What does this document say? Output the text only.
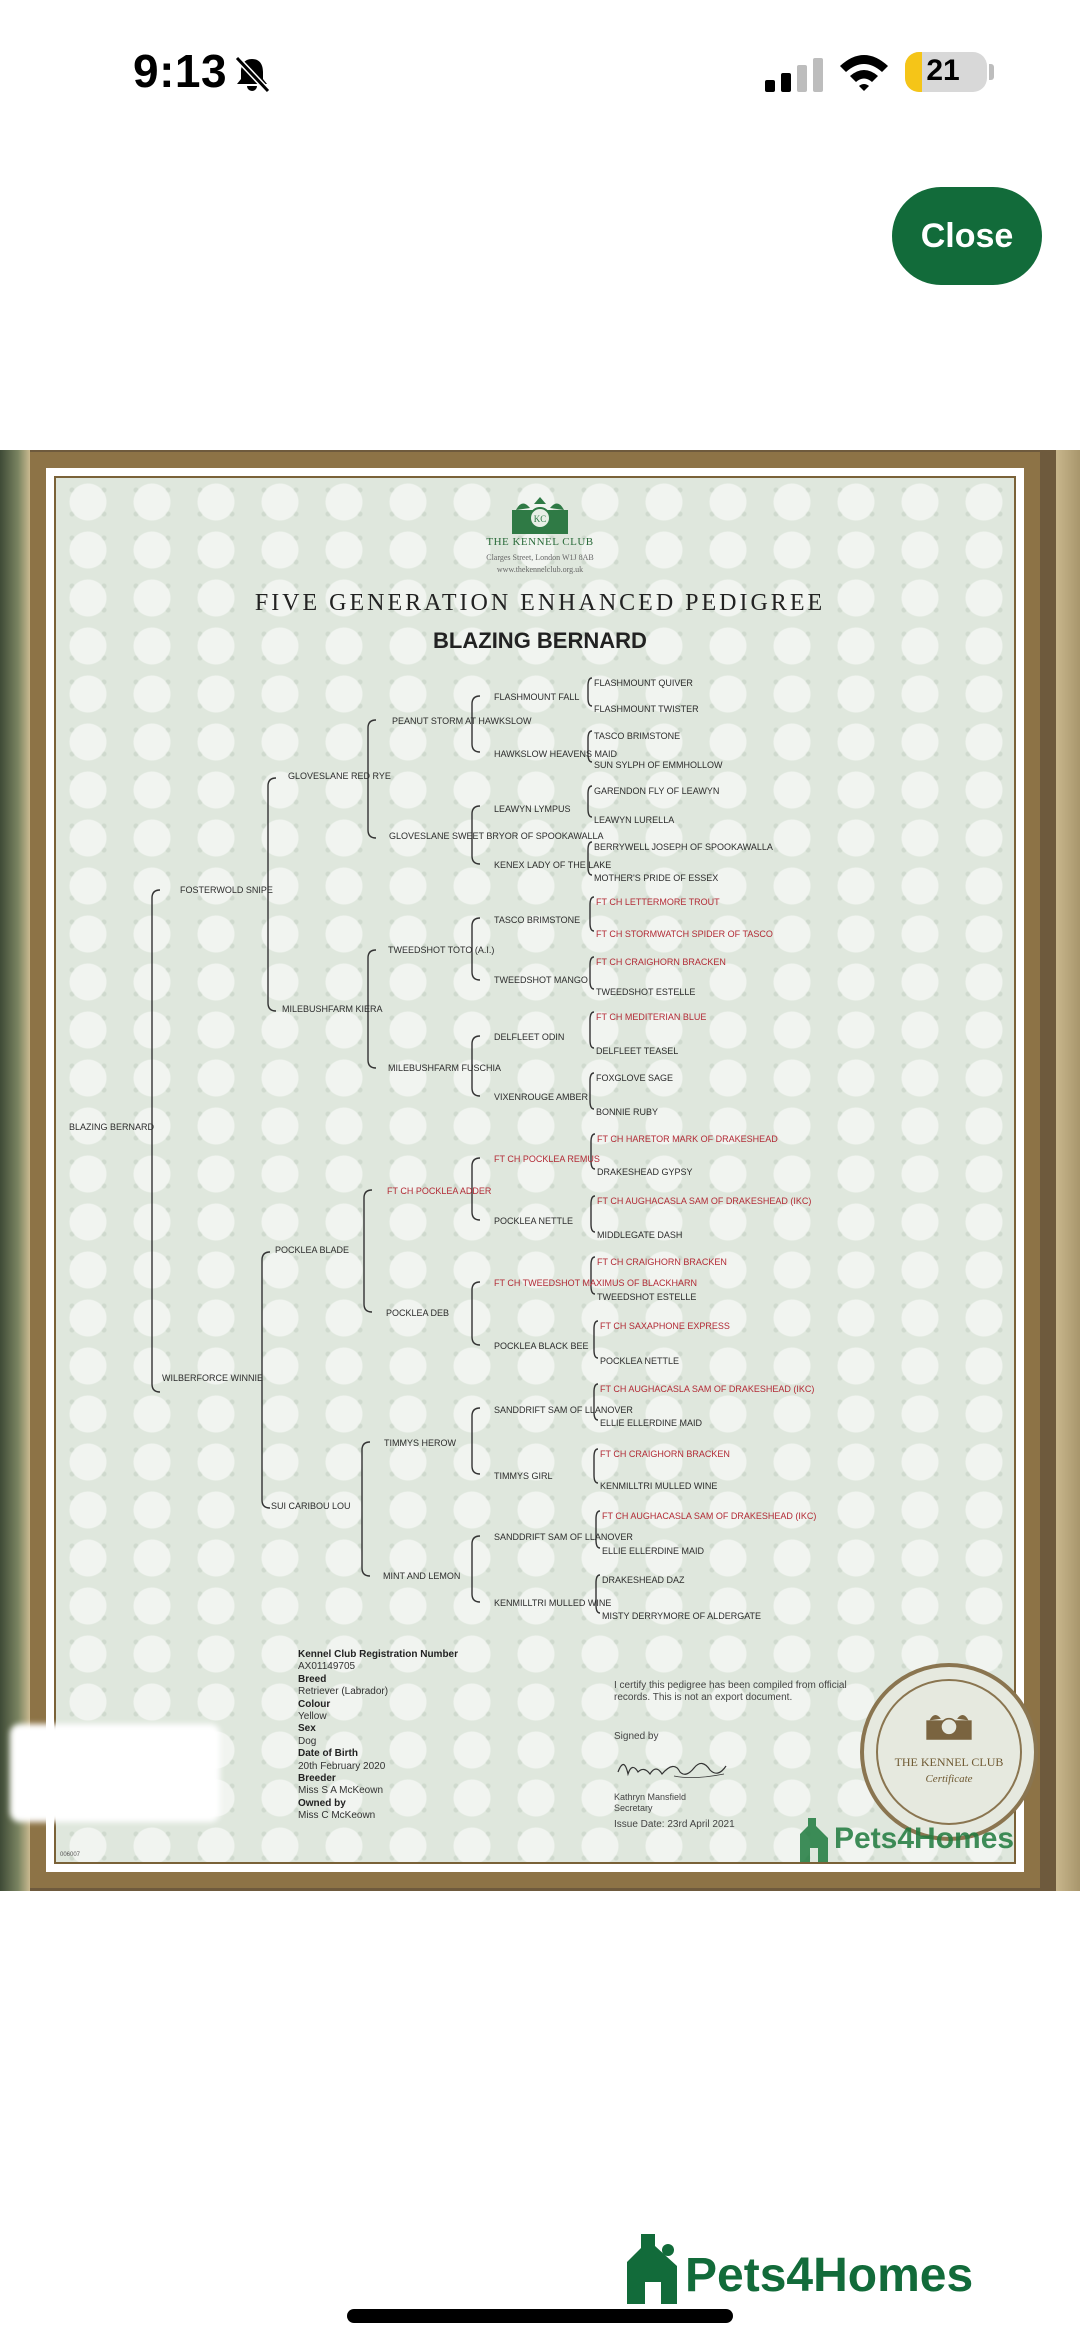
9:13	21
Close
KC
THE KENNEL CLUB
Clarges Street, London W1J 8AB
www.thekennelclub.org.uk
FIVE GENERATION ENHANCED PEDIGREE
BLAZING BERNARD
BLAZING BERNARD
FOSTERWOLD SNIPE
WILBERFORCE WINNIE
GLOVESLANE RED RYE
MILEBUSHFARM KIERA
POCKLEA BLADE
SUI CARIBOU LOU
PEANUT STORM AT HAWKSLOW
GLOVESLANE SWEET BRYOR OF SPOOKAWALLA
TWEEDSHOT TOTO (A.I.)
MILEBUSHFARM FUSCHIA
FT CH POCKLEA ADDER
POCKLEA DEB
TIMMYS HEROW
MINT AND LEMON
FLASHMOUNT FALL
HAWKSLOW HEAVENS MAID
LEAWYN LYMPUS
KENEX LADY OF THE LAKE
TASCO BRIMSTONE
TWEEDSHOT MANGO
DELFLEET ODIN
VIXENROUGE AMBER
FT CH POCKLEA REMUS
POCKLEA NETTLE
FT CH TWEEDSHOT MAXIMUS OF BLACKHARN
POCKLEA BLACK BEE
SANDDRIFT SAM OF LLANOVER
TIMMYS GIRL
SANDDRIFT SAM OF LLANOVER
KENMILLTRI MULLED WINE
FLASHMOUNT QUIVER
FLASHMOUNT TWISTER
TASCO BRIMSTONE
SUN SYLPH OF EMMHOLLOW
GARENDON FLY OF LEAWYN
LEAWYN LURELLA
BERRYWELL JOSEPH OF SPOOKAWALLA
MOTHER'S PRIDE OF ESSEX
FT CH LETTERMORE TROUT
FT CH STORMWATCH SPIDER OF TASCO
FT CH CRAIGHORN BRACKEN
TWEEDSHOT ESTELLE
FT CH MEDITERIAN BLUE
DELFLEET TEASEL
FOXGLOVE SAGE
BONNIE RUBY
FT CH HARETOR MARK OF DRAKESHEAD
DRAKESHEAD GYPSY
FT CH AUGHACASLA SAM OF DRAKESHEAD (IKC)
MIDDLEGATE DASH
FT CH CRAIGHORN BRACKEN
TWEEDSHOT ESTELLE
FT CH SAXAPHONE EXPRESS
POCKLEA NETTLE
FT CH AUGHACASLA SAM OF DRAKESHEAD (IKC)
ELLIE ELLERDINE MAID
FT CH CRAIGHORN BRACKEN
KENMILLTRI MULLED WINE
FT CH AUGHACASLA SAM OF DRAKESHEAD (IKC)
ELLIE ELLERDINE MAID
DRAKESHEAD DAZ
MISTY DERRYMORE OF ALDERGATE
Kennel Club Registration Number
AX01149705
Breed
Retriever (Labrador)
Colour
Yellow
Sex
Dog
Date of Birth
20th February 2020
Breeder
Miss S A McKeown
Owned by
Miss C McKeown
I certify this pedigree has been compiled from official records. This is not an export document.
Signed by
Kathryn Mansfield
Secretary
Issue Date: 23rd April 2021
006007
THE KENNEL CLUB
Certificate
Pets4Homes
Pets4Homes
